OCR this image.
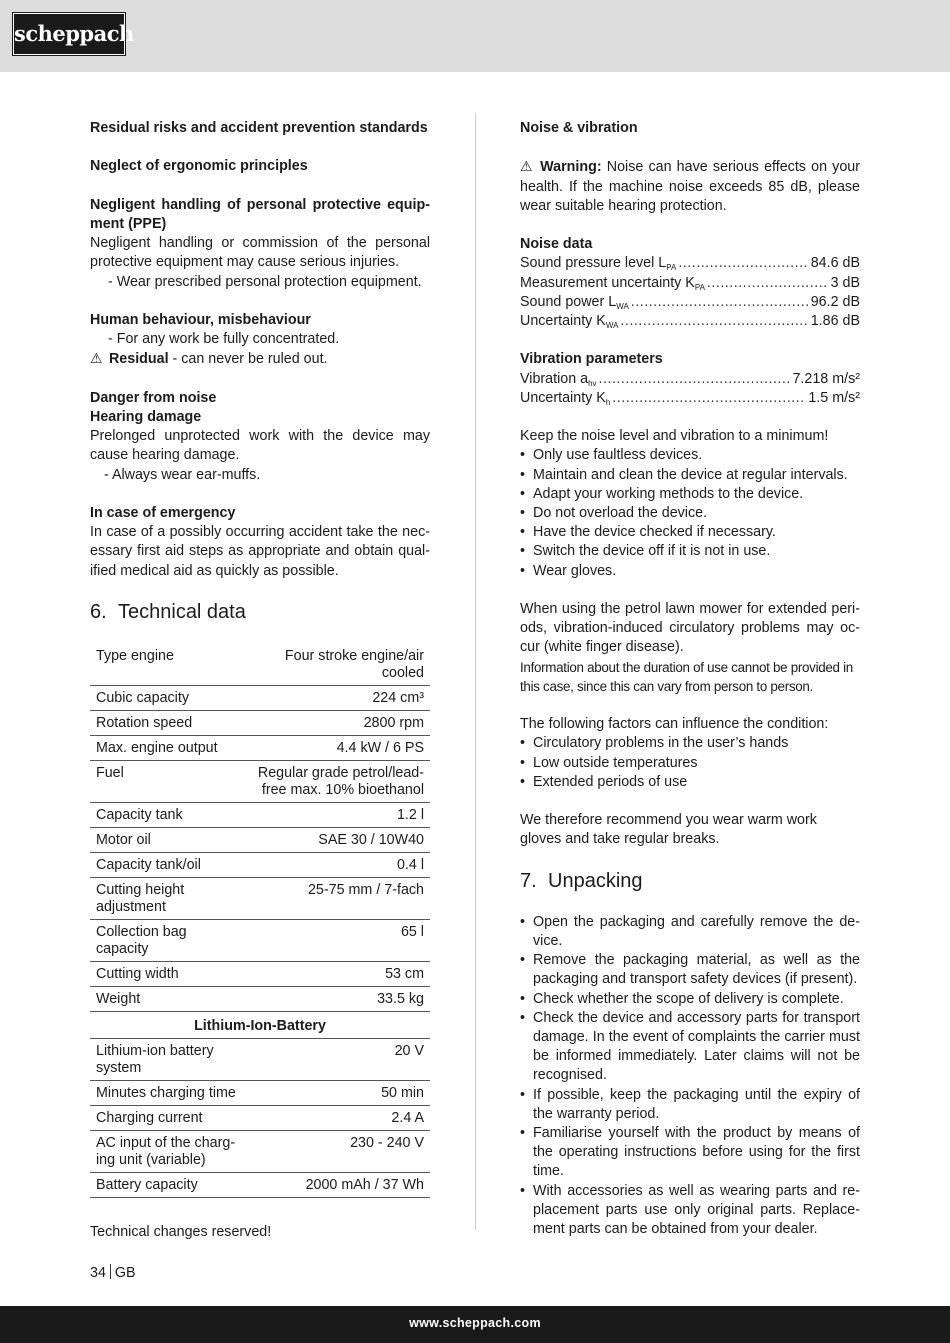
scheppach
Residual risks and accident prevention standards
Neglect of ergonomic principles
Negligent handling of personal protective equip-ment (PPE)
Negligent handling or commission of the personal protective equipment may cause serious injuries.
- Wear prescribed personal protection equipment.
Human behaviour, misbehaviour
- For any work be fully concentrated.
⚠ Residual - can never be ruled out.
Danger from noise
Hearing damage
Prelonged unprotected work with the device may cause hearing damage.
- Always wear ear-muffs.
In case of emergency
In case of a possibly occurring accident take the nec-essary first aid steps as appropriate and obtain qual-ified medical aid as quickly as possible.
6. Technical data
Type engine	Four stroke engine/air cooled
Cubic capacity	224 cm³
Rotation speed	2800 rpm
Max. engine output	4.4 kW / 6 PS
Fuel	Regular grade petrol/lead-free max. 10% bioethanol
Capacity tank	1.2 l
Motor oil	SAE 30 / 10W40
Capacity tank/oil	0.4 l
Cutting height adjustment	25-75 mm / 7-fach
Collection bag capacity	65 l
Cutting width	53 cm
Weight	33.5 kg
Lithium-Ion-Battery	
Lithium-ion battery system	20 V
Minutes charging time	50 min
Charging current	2.4 A
AC input of the charg-ing unit (variable)	230 - 240 V
Battery capacity	2000 mAh / 37 Wh
Technical changes reserved!
Noise & vibration
⚠ Warning: Noise can have serious effects on your health. If the machine noise exceeds 85 dB, please wear suitable hearing protection.
Noise data
Sound pressure level $L_{PA}$ .....	84.6 dB
Measurement uncertainty $K_{PA}$ .....	3 dB
Sound power $L_{WA}$ .....	96.2 dB
Uncertainty $K_{WA}$ .....	1.86 dB
Vibration parameters
Vibration $a_{hv}$ .....	7.218 m/s²
Uncertainty $K_h$ .....	1.5 m/s²
Keep the noise level and vibration to a minimum!
• Only use faultless devices.
• Maintain and clean the device at regular intervals.
• Adapt your working methods to the device.
• Do not overload the device.
• Have the device checked if necessary.
• Switch the device off if it is not in use.
• Wear gloves.
When using the petrol lawn mower for extended peri-ods, vibration-induced circulatory problems may oc-cur (white finger disease).
Information about the duration of use cannot be provided in this case, since this can vary from person to person.
The following factors can influence the condition:
• Circulatory problems in the user’s hands
• Low outside temperatures
• Extended periods of use
We therefore recommend you wear warm work gloves and take regular breaks.
7. Unpacking
• Open the packaging and carefully remove the de-vice.
• Remove the packaging material, as well as the packaging and transport safety devices (if present).
• Check whether the scope of delivery is complete.
• Check the device and accessory parts for transport damage. In the event of complaints the carrier must be informed immediately. Later claims will not be recognised.
• If possible, keep the packaging until the expiry of the warranty period.
• Familiarise yourself with the product by means of the operating instructions before using for the first time.
• With accessories as well as wearing parts and re-placement parts use only original parts. Replace-ment parts can be obtained from your dealer.
34 GB
www.scheppach.com
